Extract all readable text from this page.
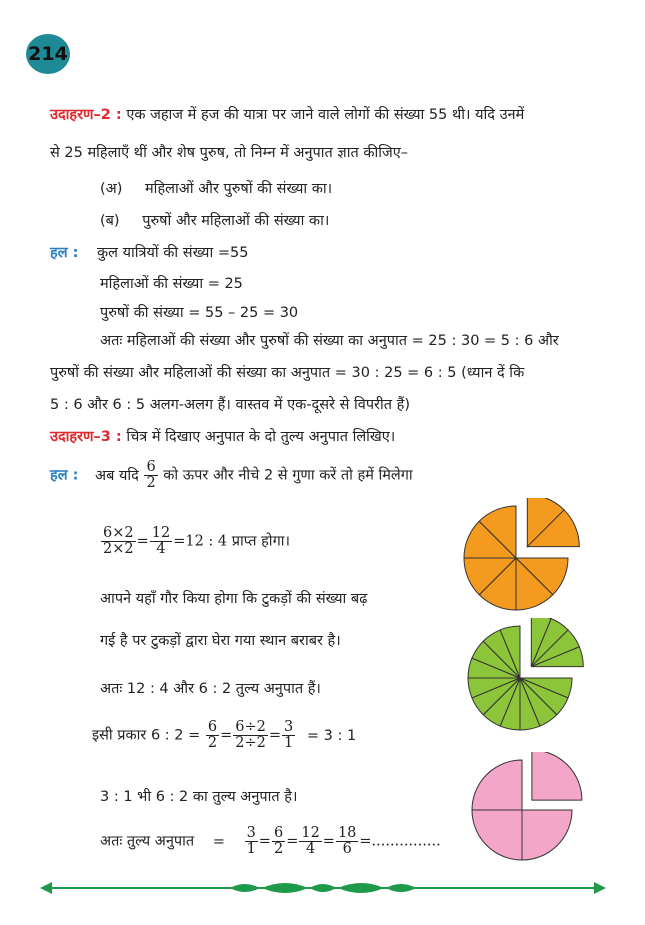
214
उदाहरण–2 : एक जहाज में हज की यात्रा पर जाने वाले लोगों की संख्या 55 थी। यदि उनमें
से 25 महिलाएँ थीं और शेष पुरुष, तो निम्न में अनुपात ज्ञात कीजिए–
(अ) महिलाओं और पुरुषों की संख्या का।
(ब) पुरुषों और महिलाओं की संख्या का।
हल : कुल यात्रियों की संख्या =55
महिलाओं की संख्या = 25
पुरुषों की संख्या = 55 – 25 = 30
अतः महिलाओं की संख्या और पुरुषों की संख्या का अनुपात = 25 : 30 = 5 : 6 और
पुरुषों की संख्या और महिलाओं की संख्या का अनुपात = 30 : 25 = 6 : 5 (ध्यान दें कि
5 : 6 और 6 : 5 अलग-अलग हैं। वास्तव में एक-दूसरे से विपरीत हैं)
उदाहरण–3 : चित्र में दिखाए अनुपात के दो तुल्य अनुपात लिखिए।
हल : अब यदि $\frac{6}{2}$ को ऊपर और नीचे 2 से गुणा करें तो हमें मिलेगा
$\frac{6\times 2}{2\times 2} = \frac{12}{4} =12$ : 4 प्राप्त होगा।
आपने यहाँ गौर किया होगा कि टुकड़ों की संख्या बढ़
गई है पर टुकड़ों द्वारा घेरा गया स्थान बराबर है।
अतः 12 : 4 और 6 : 2 तुल्य अनुपात हैं।
इसी प्रकार 6 : $2 = \frac{6}{2} = \frac{6\div 2}{2\div 2} = \frac{3}{1} = 3$ : 1
3 : 1 भी 6 : 2 का तुल्य अनुपात है।
अतः तुल्य अनुपात = $\frac{3}{1} = \frac{6}{2} = \frac{12}{4} = \frac{18}{6}$ =...............
